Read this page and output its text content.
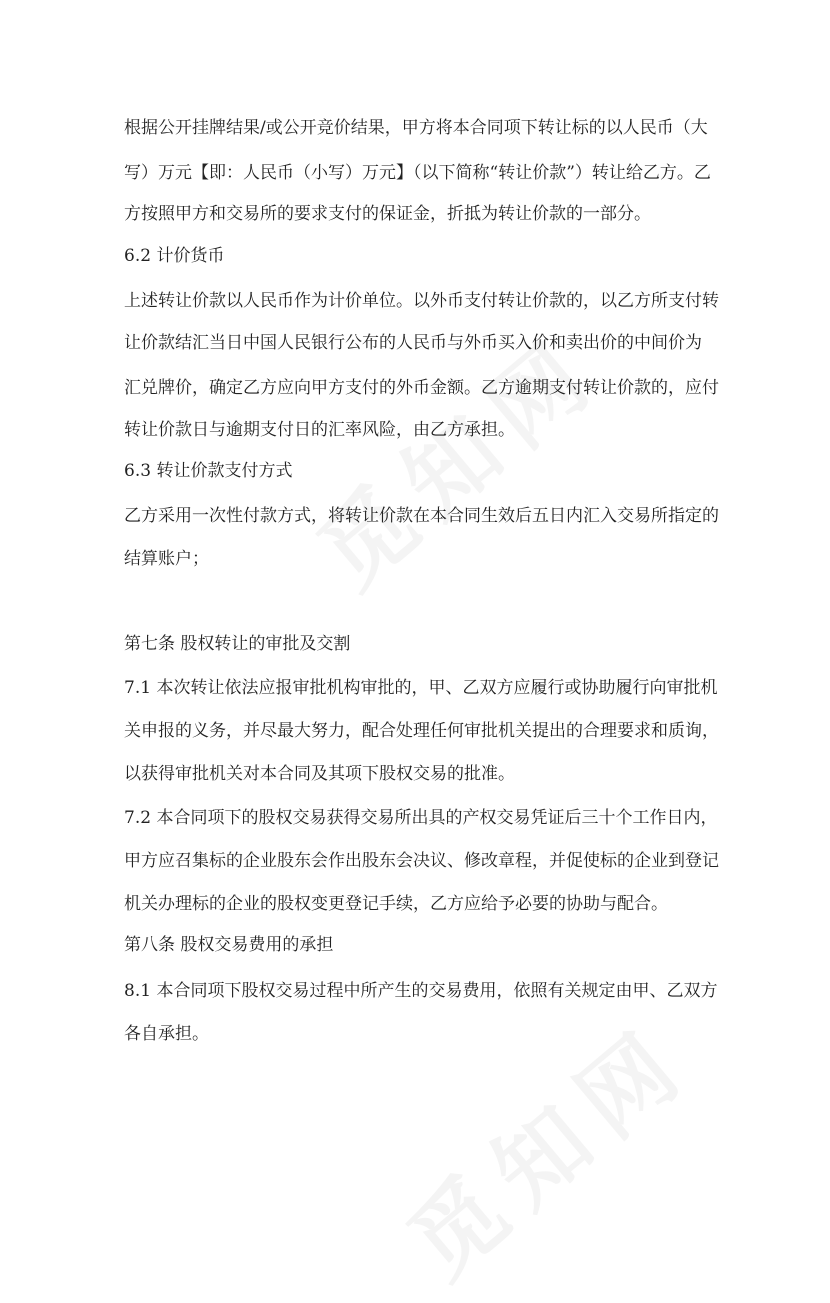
根据公开挂牌结果/或公开竞价结果，甲方将本合同项下转让标的以人民币（大
写）万元【即：人民币（小写）万元】（以下简称“转让价款”）转让给乙方。乙
方按照甲方和交易所的要求支付的保证金，折抵为转让价款的一部分。
6.2 计价货币
上述转让价款以人民币作为计价单位。以外币支付转让价款的，以乙方所支付转
让价款结汇当日中国人民银行公布的人民币与外币买入价和卖出价的中间价为
汇兑牌价，确定乙方应向甲方支付的外币金额。乙方逾期支付转让价款的，应付
转让价款日与逾期支付日的汇率风险，由乙方承担。
6.3 转让价款支付方式
乙方采用一次性付款方式，将转让价款在本合同生效后五日内汇入交易所指定的
结算账户；
第七条 股权转让的审批及交割
7.1 本次转让依法应报审批机构审批的，甲、乙双方应履行或协助履行向审批机
关申报的义务，并尽最大努力，配合处理任何审批机关提出的合理要求和质询，
以获得审批机关对本合同及其项下股权交易的批准。
7.2 本合同项下的股权交易获得交易所出具的产权交易凭证后三十个工作日内，
甲方应召集标的企业股东会作出股东会决议、修改章程，并促使标的企业到登记
机关办理标的企业的股权变更登记手续，乙方应给予必要的协助与配合。
第八条 股权交易费用的承担
8.1 本合同项下股权交易过程中所产生的交易费用，依照有关规定由甲、乙双方
各自承担。
